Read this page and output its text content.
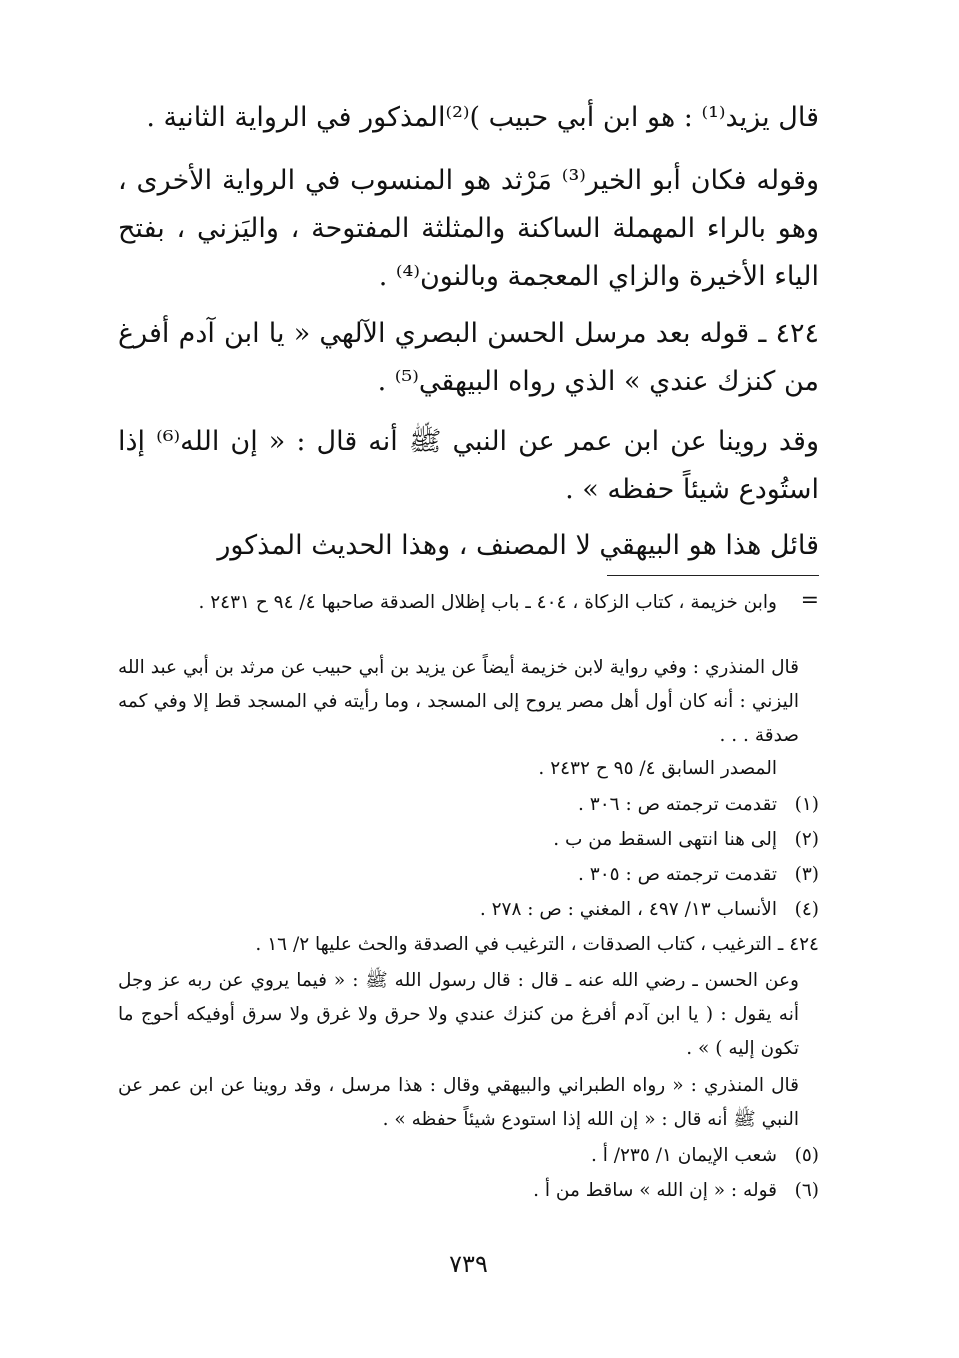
قال يزيد⁽¹⁾ : هو ابن أبي حبيب )⁽²⁾المذكور في الرواية الثانية .

وقوله فكان أبو الخير⁽³⁾ مَرْثد هو المنسوب في الرواية الأخرى ، وهو بالراء المهملة الساكنة والمثلثة المفتوحة ، واليَزني ، بفتح الياء الأخيرة والزاي المعجمة وبالنون⁽⁴⁾ .

٤٢٤ ـ قوله بعد مرسل الحسن البصري الآلهي « يا ابن آدم أفرغ من كنزك عندي » الذي رواه البيهقي⁽⁵⁾ .

وقد روينا عن ابن عمر عن النبي ﷺ أنه قال : « إن الله⁽⁶⁾ إذا استُودع شيئاً حفظه » .

قائل هذا هو البيهقي لا المصنف ، وهذا الحديث المذكور

=

وابن خزيمة ، كتاب الزكاة ، ٤٠٤ ـ باب إظلال الصدقة صاحبها ٤/ ٩٤ ح ٢٤٣١ .

قال المنذري : وفي رواية لابن خزيمة أيضاً عن يزيد بن أبي حبيب عن مرثد بن أبي عبد الله اليزني : أنه كان أول أهل مصر يروح إلى المسجد ، وما رأيته في المسجد قط إلا وفي كمه صدقة . . .

المصدر السابق ٤/ ٩٥ ح ٢٤٣٢ .

(١)
تقدمت ترجمته ص : ٣٠٦ .
(٢)
إلى هنا انتهى السقط من ب .
(٣)
تقدمت ترجمته ص : ٣٠٥ .
(٤)
الأنساب ١٣/ ٤٩٧ ، المغني : ص : ٢٧٨ .

٤٢٤ ـ الترغيب ، كتاب الصدقات ، الترغيب في الصدقة والحث عليها ٢/ ١٦ .

وعن الحسن ـ رضي الله عنه ـ قال : قال رسول الله ﷺ : « فيما يروي عن ربه عز وجل أنه يقول : ( يا ابن آدم أفرغ من كنزك عندي ولا حرق ولا غرق ولا سرق أوفيكه أحوج ما تكون إليه ) » .

قال المنذري : « رواه الطبراني والبيهقي وقال : هذا مرسل ، وقد روينا عن ابن عمر عن النبي ﷺ أنه قال : « إن الله إذا استودع شيئاً حفظه » .

(٥)
شعب الإيمان ١/ ٢٣٥/ أ .
(٦)
قوله : « إن الله » ساقط من أ .
٧٣٩
